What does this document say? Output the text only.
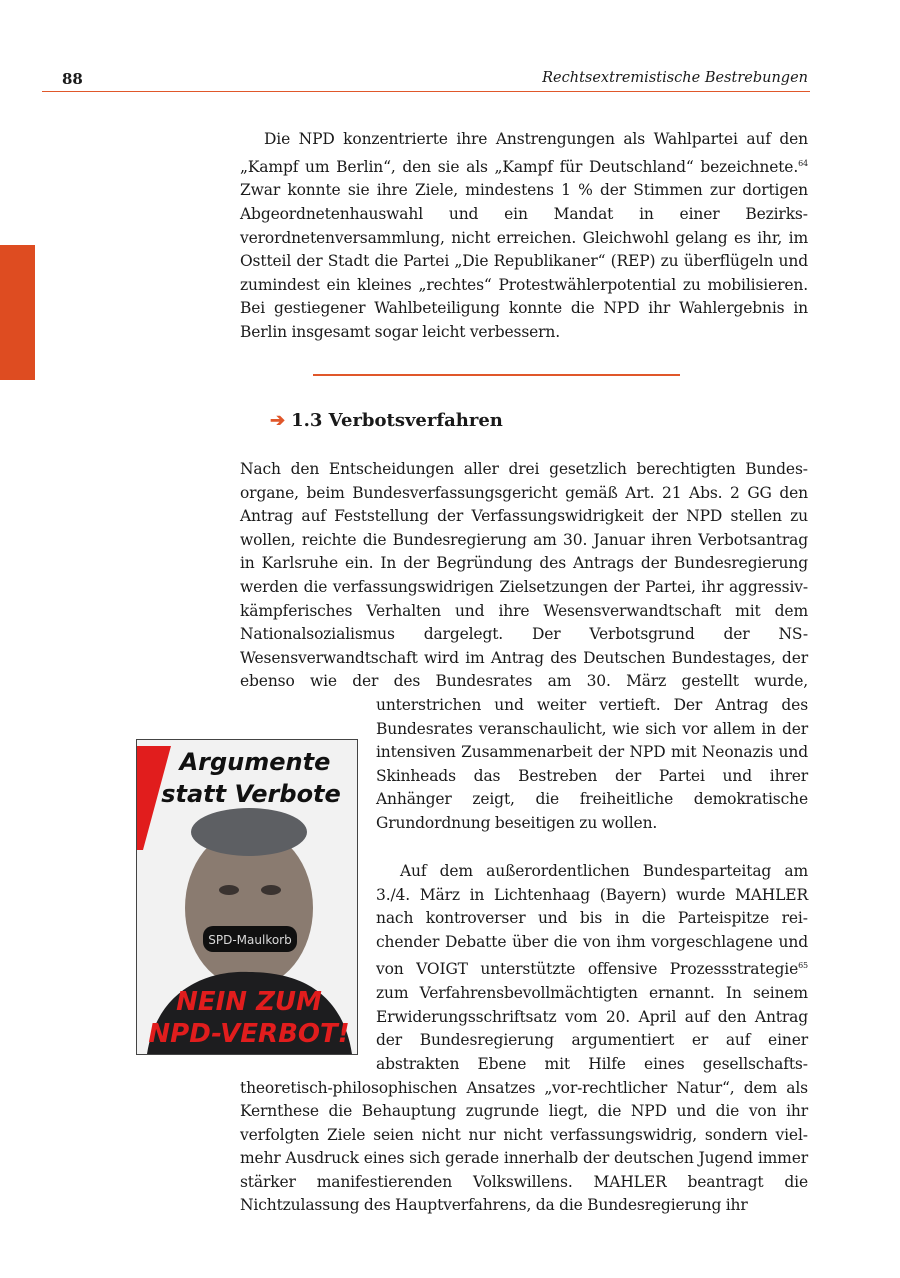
88	Rechtsextremistische Bestrebungen

Die NPD konzentrierte ihre Anstrengungen als Wahlpartei auf den „Kampf um Berlin“, den sie als „Kampf für Deutschland“ bezeichnete.$^{64}$ Zwar konnte sie ihre Ziele, mindestens 1 % der Stimmen zur dortigen Abgeordnetenhauswahl und ein Mandat in einer Bezirksverordnetenversammlung, nicht erreichen. Gleichwohl gelang es ihr, im Ostteil der Stadt die Partei „Die Republikaner“ (REP) zu überflügeln und zumindest ein kleines „rechtes“ Protestwählerpotential zu mobilisieren. Bei gestiegener Wahlbeteiligung konnte die NPD ihr Wahlergebnis in Berlin insgesamt sogar leicht verbessern.

➔ 1.3 Verbotsverfahren

Nach den Entscheidungen aller drei gesetzlich berechtigten Bundesorgane, beim Bundesverfassungsgericht gemäß Art. 21 Abs. 2 GG den Antrag auf Feststellung der Verfassungswidrigkeit der NPD stellen zu wollen, reichte die Bundesregierung am 30. Januar ihren Verbotsantrag in Karlsruhe ein. In der Begründung des Antrags der Bundesregierung werden die verfassungswidrigen Zielsetzungen der Partei, ihr aggressiv-kämpferisches Verhalten und ihre Wesensverwandtschaft mit dem Nationalsozialismus dargelegt. Der Verbotsgrund der NS-Wesensverwandtschaft wird im Antrag des Deutschen Bundestages, der ebenso wie der des Bundesrates am 30. März gestellt wurde, unterstrichen und weiter vertieft. Der Antrag des Bundesrates veranschaulicht, wie sich vor allem in der intensiven Zusammenarbeit der NPD mit Neonazis und Skinheads das Bestreben der Partei und ihrer Anhänger zeigt, die freiheitliche demokratische Grundordnung beseitigen zu wollen.

SPD-Maulkorb
Argumente
statt Verbote
NEIN ZUM
NPD-VERBOT!

Auf dem außerordentlichen Bundesparteitag am 3./4. März in Lichtenhaag (Bayern) wurde MAHLER nach kontroverser und bis in die Parteispitze reichender Debatte über die von ihm vorgeschlagene und von VOIGT unterstützte offensive Prozessstrategie$^{65}$ zum Verfahrensbevollmächtigten ernannt. In seinem Erwiderungsschriftsatz vom 20. April auf den Antrag der Bundesregierung argumentiert er auf einer abstrakten Ebene mit Hilfe eines gesellschaftstheoretisch-philosophischen Ansatzes „vor-rechtlicher Natur“, dem als Kernthese die Behauptung zugrunde liegt, die NPD und die von ihr verfolgten Ziele seien nicht nur nicht verfassungswidrig, sondern vielmehr Ausdruck eines sich gerade innerhalb der deutschen Jugend immer stärker manifestierenden Volkswillens. MAHLER beantragt die Nichtzulassung des Hauptverfahrens, da die Bundesregierung ihr
